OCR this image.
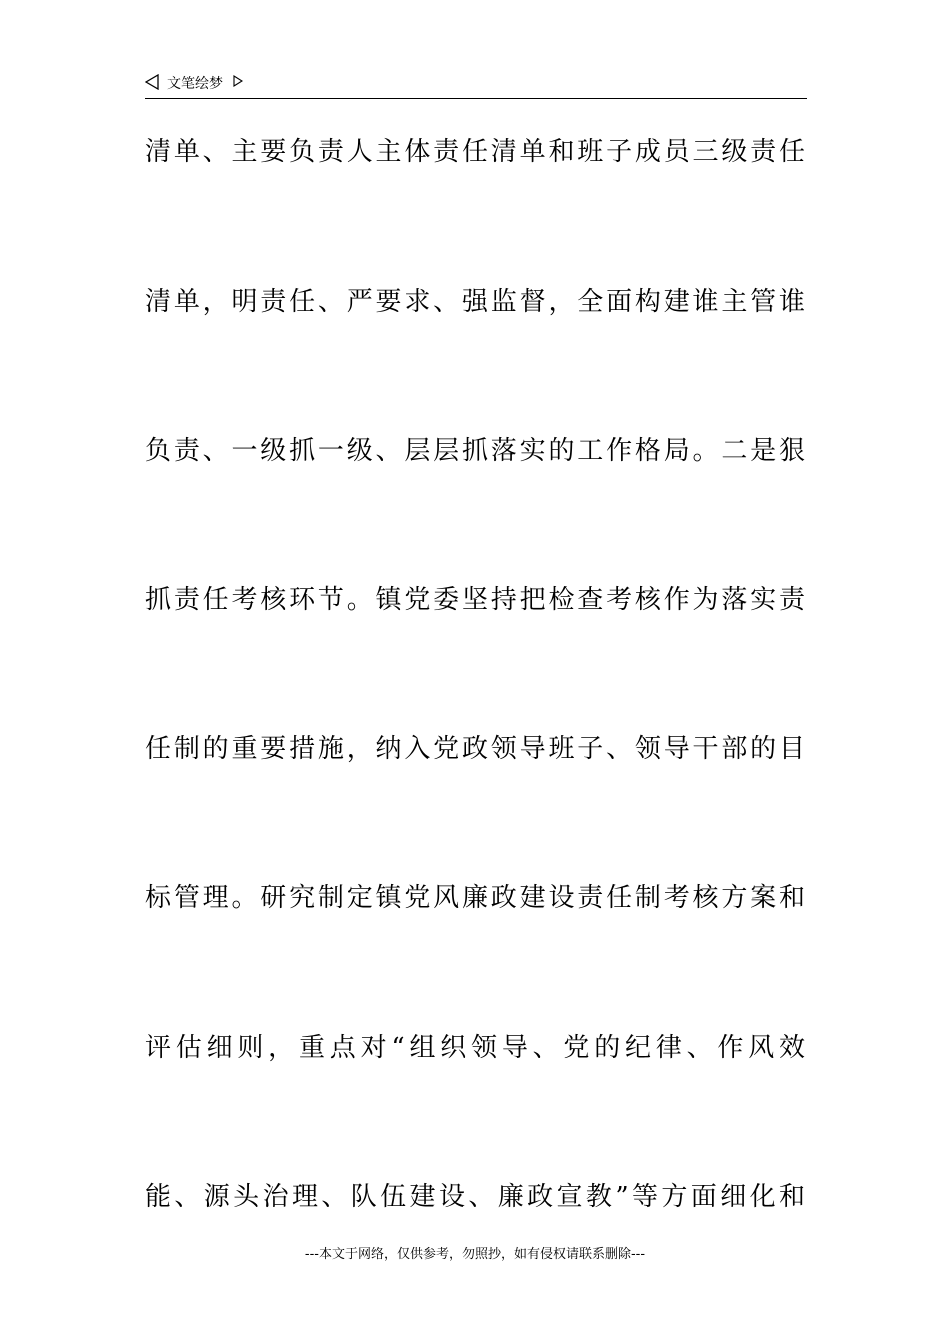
文笔绘梦
清单、主要负责人主体责任清单和班子成员三级责任
清单，明责任、严要求、强监督，全面构建谁主管谁
负责、一级抓一级、层层抓落实的工作格局。二是狠
抓责任考核环节。镇党委坚持把检查考核作为落实责
任制的重要措施，纳入党政领导班子、领导干部的目
标管理。研究制定镇党风廉政建设责任制考核方案和
评估细则，重点对“组织领导、党的纪律、作风效
能、源头治理、队伍建设、廉政宣教”等方面细化和
---本文于网络，仅供参考，勿照抄，如有侵权请联系删除---
